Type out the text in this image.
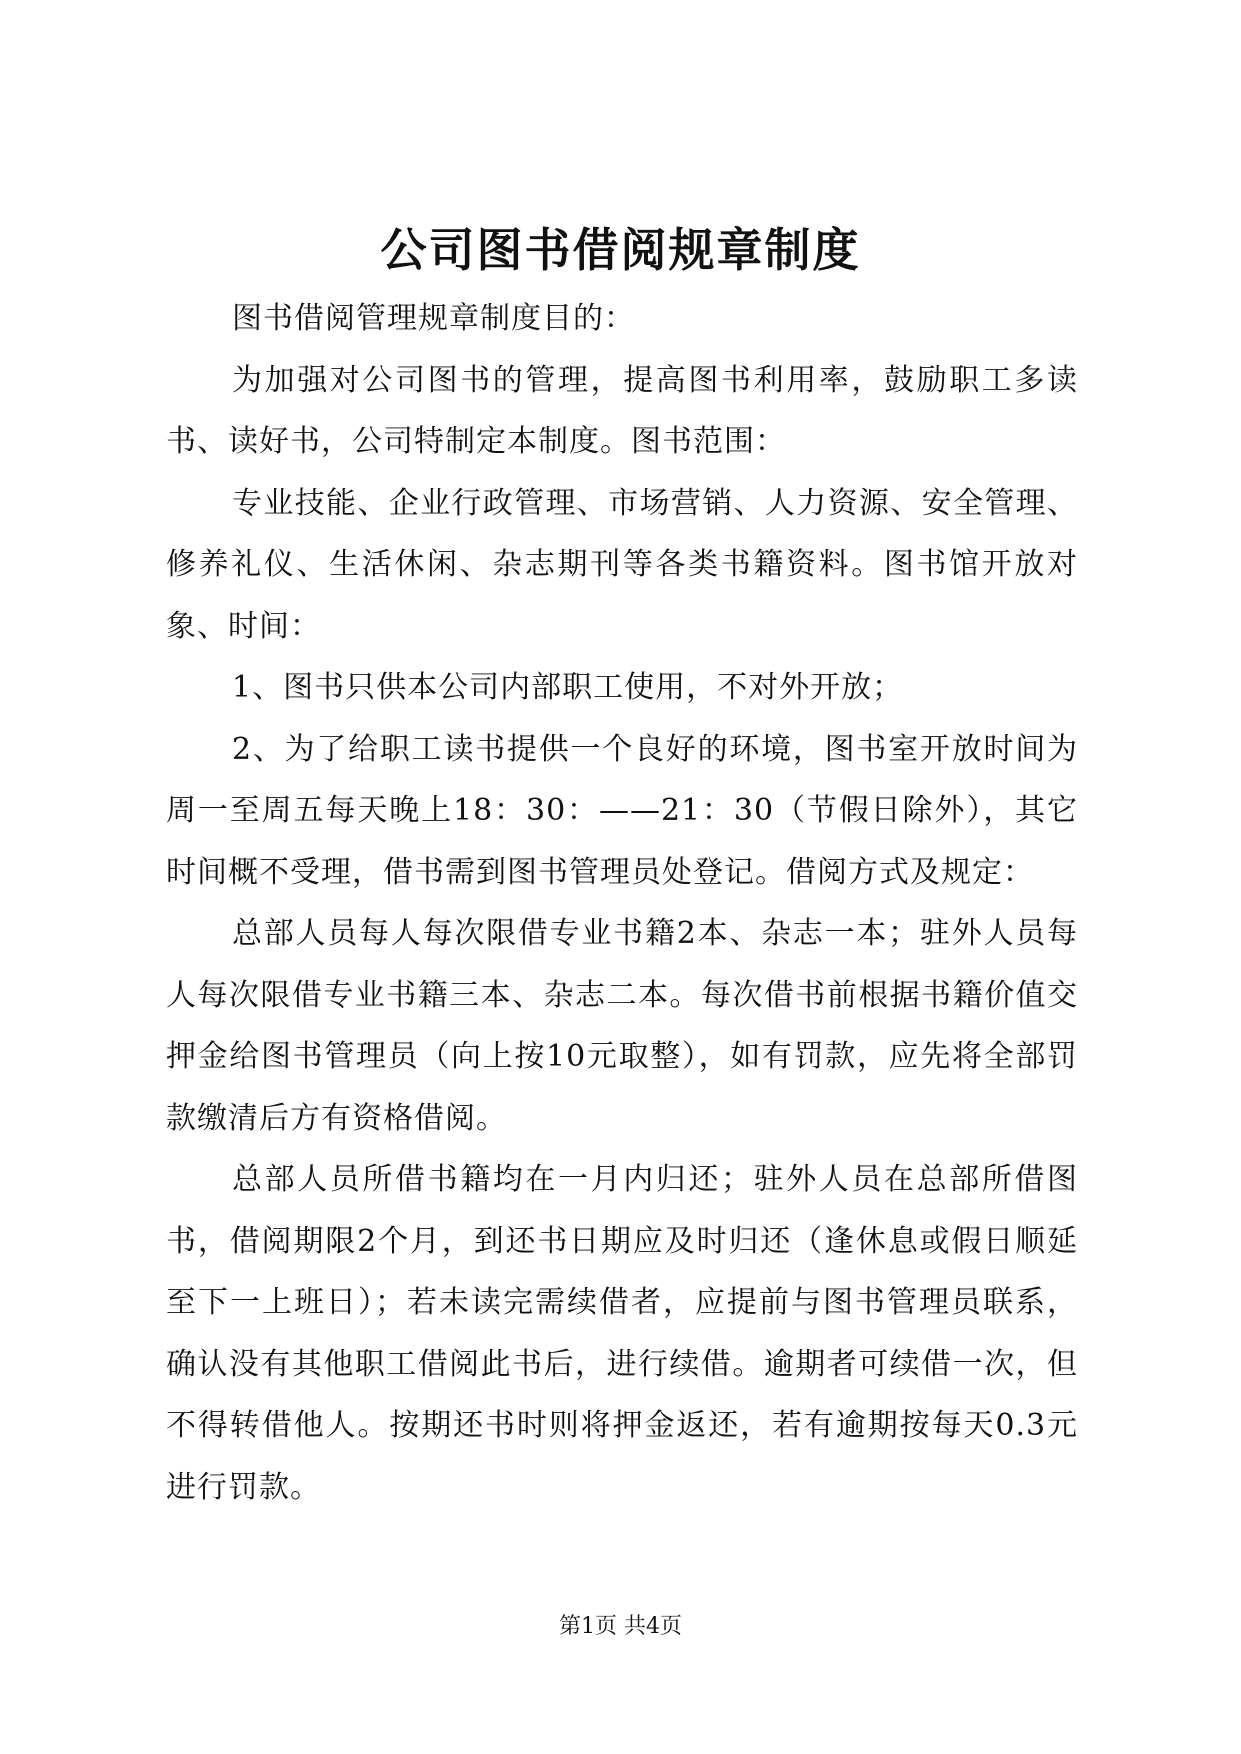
公司图书借阅规章制度

图书借阅管理规章制度目的：

为加强对公司图书的管理，提高图书利用率，鼓励职工多读书、读好书，公司特制定本制度。图书范围：

专业技能、企业行政管理、市场营销、人力资源、安全管理、修养礼仪、生活休闲、杂志期刊等各类书籍资料。图书馆开放对象、时间：

1、图书只供本公司内部职工使用，不对外开放；

2、为了给职工读书提供一个良好的环境，图书室开放时间为周一至周五每天晚上18：30：——21：30（节假日除外），其它时间概不受理，借书需到图书管理员处登记。借阅方式及规定：

总部人员每人每次限借专业书籍2本、杂志一本；驻外人员每人每次限借专业书籍三本、杂志二本。每次借书前根据书籍价值交押金给图书管理员（向上按10元取整），如有罚款，应先将全部罚款缴清后方有资格借阅。

总部人员所借书籍均在一月内归还；驻外人员在总部所借图书，借阅期限2个月，到还书日期应及时归还（逢休息或假日顺延至下一上班日）；若未读完需续借者，应提前与图书管理员联系，确认没有其他职工借阅此书后，进行续借。逾期者可续借一次，但不得转借他人。按期还书时则将押金返还，若有逾期按每天0.3元进行罚款。

第1页 共4页
